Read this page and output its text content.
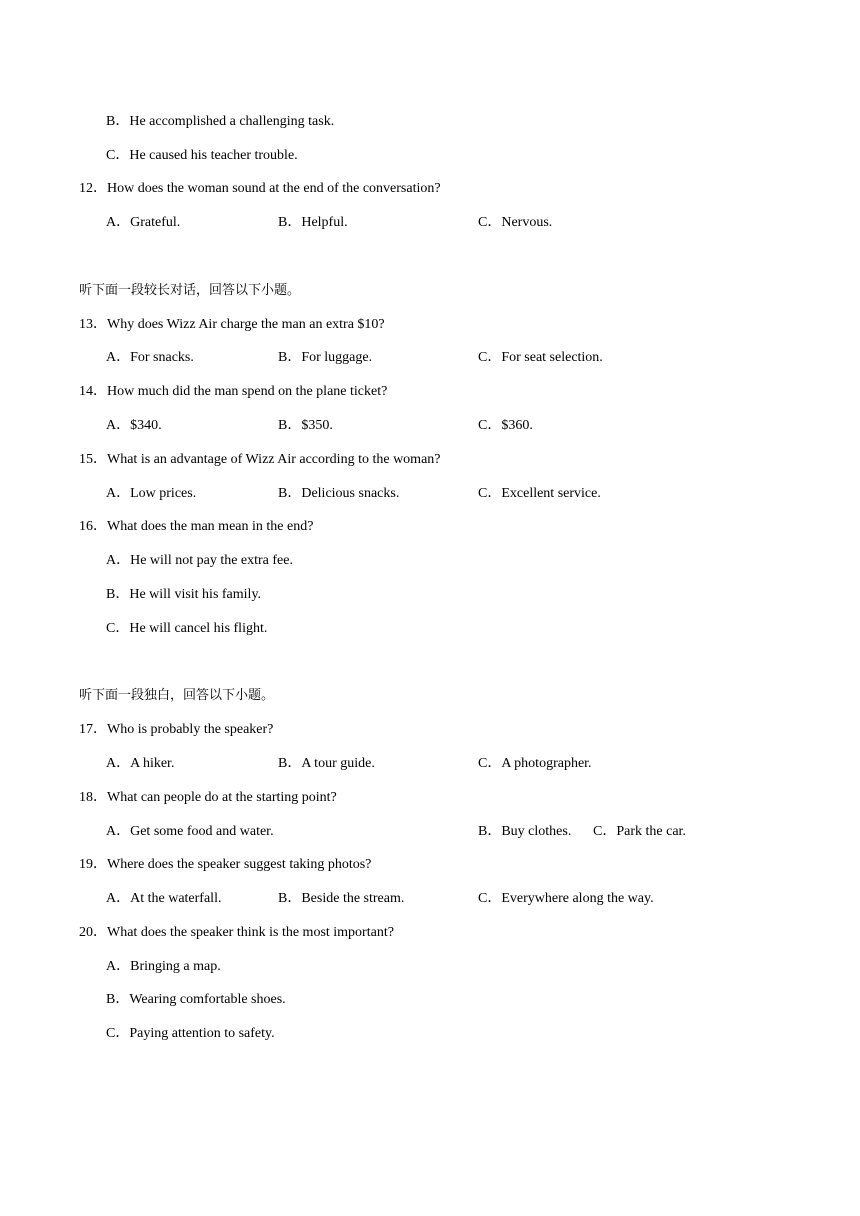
B．He accomplished a challenging task.
C．He caused his teacher trouble.
12．How does the woman sound at the end of the conversation?
A．Grateful.	B．Helpful.	C．Nervous.
听下面一段较长对话，回答以下小题。
13．Why does Wizz Air charge the man an extra $10?
A．For snacks.	B．For luggage.	C．For seat selection.
14．How much did the man spend on the plane ticket?
A．$340.	B．$350.	C．$360.
15．What is an advantage of Wizz Air according to the woman?
A．Low prices.	B．Delicious snacks.	C．Excellent service.
16．What does the man mean in the end?
A．He will not pay the extra fee.
B．He will visit his family.
C．He will cancel his flight.
听下面一段独白，回答以下小题。
17．Who is probably the speaker?
A．A hiker.	B．A tour guide.	C．A photographer.
18．What can people do at the starting point?
A．Get some food and water.	B．Buy clothes. C．Park the car.
19．Where does the speaker suggest taking photos?
A．At the waterfall.	B．Beside the stream.	C．Everywhere along the way.
20．What does the speaker think is the most important?
A．Bringing a map.
B．Wearing comfortable shoes.
C．Paying attention to safety.
